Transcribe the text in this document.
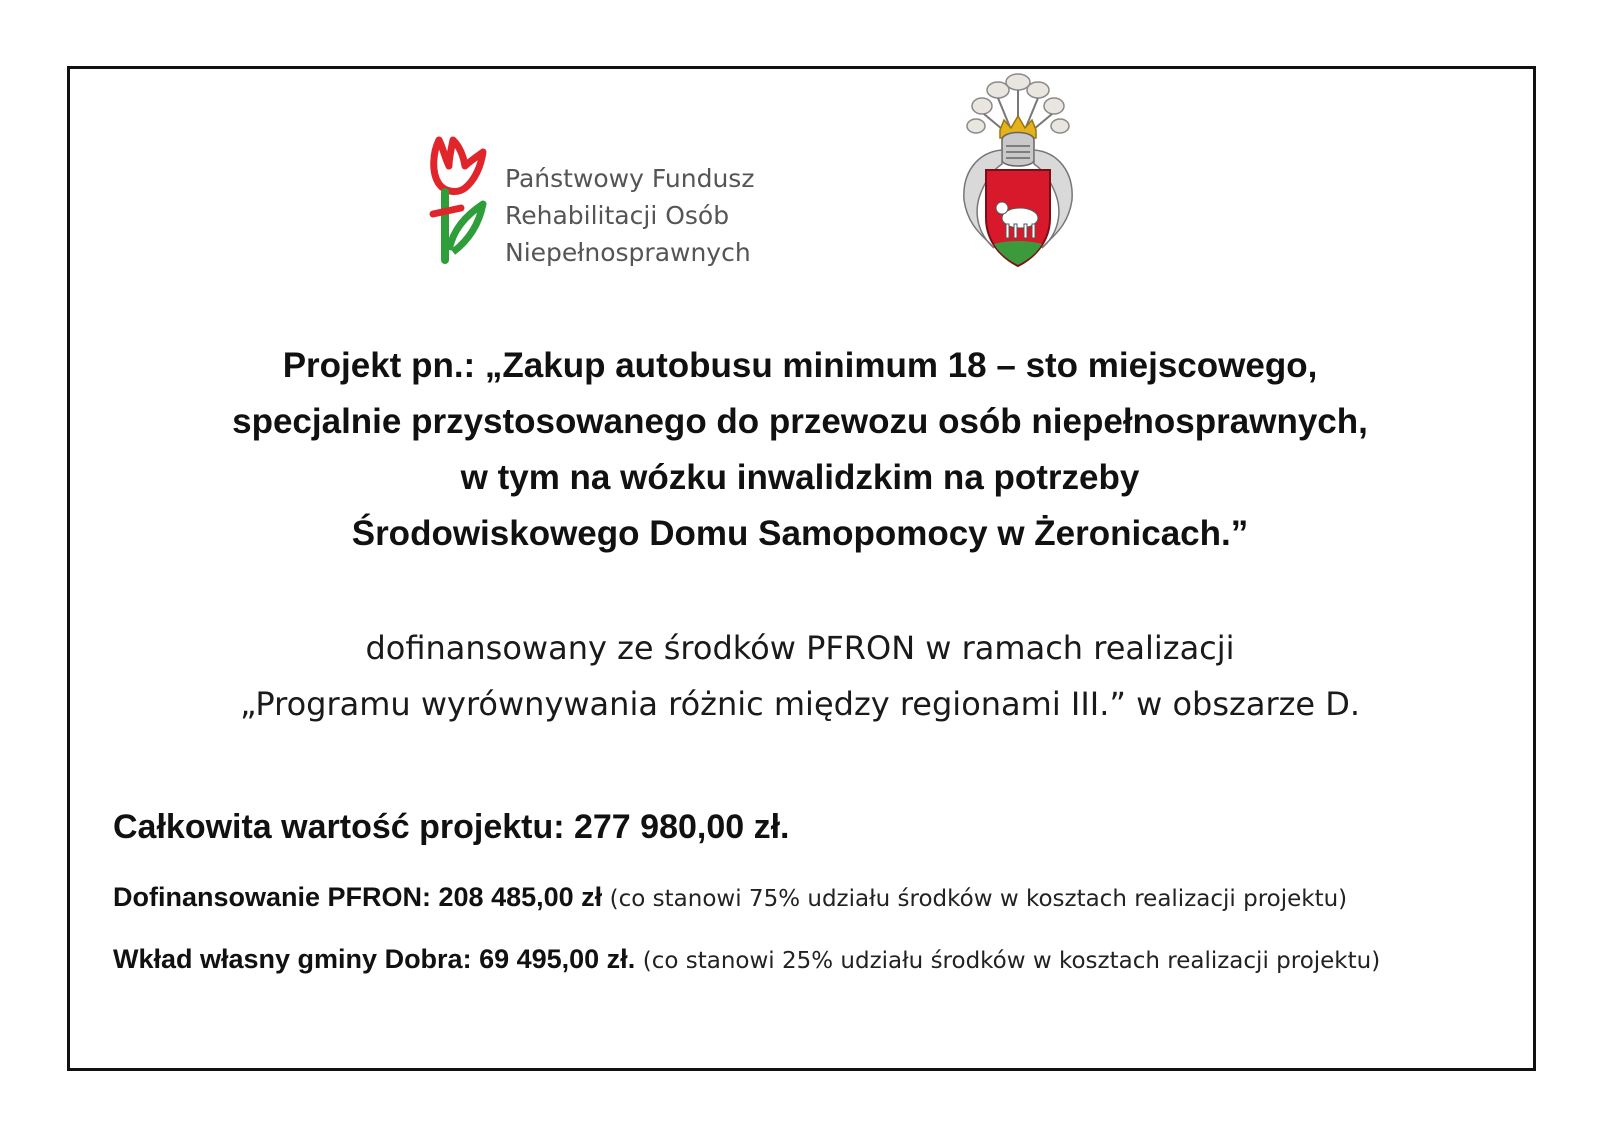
Państwowy Fundusz
Rehabilitacji Osób
Niepełnosprawnych
Projekt pn.: „Zakup autobusu minimum 18 – sto miejscowego,
specjalnie przystosowanego do przewozu osób niepełnosprawnych,
w tym na wózku inwalidzkim na potrzeby
Środowiskowego Domu Samopomocy w Żeronicach.”
dofinansowany ze środków PFRON w ramach realizacji
„Programu wyrównywania różnic między regionami III.” w obszarze D.
Całkowita wartość projektu: 277 980,00 zł.
Dofinansowanie PFRON: 208 485,00 zł (co stanowi 75% udziału środków w kosztach realizacji projektu)
Wkład własny gminy Dobra: 69 495,00 zł. (co stanowi 25% udziału środków w kosztach realizacji projektu)
